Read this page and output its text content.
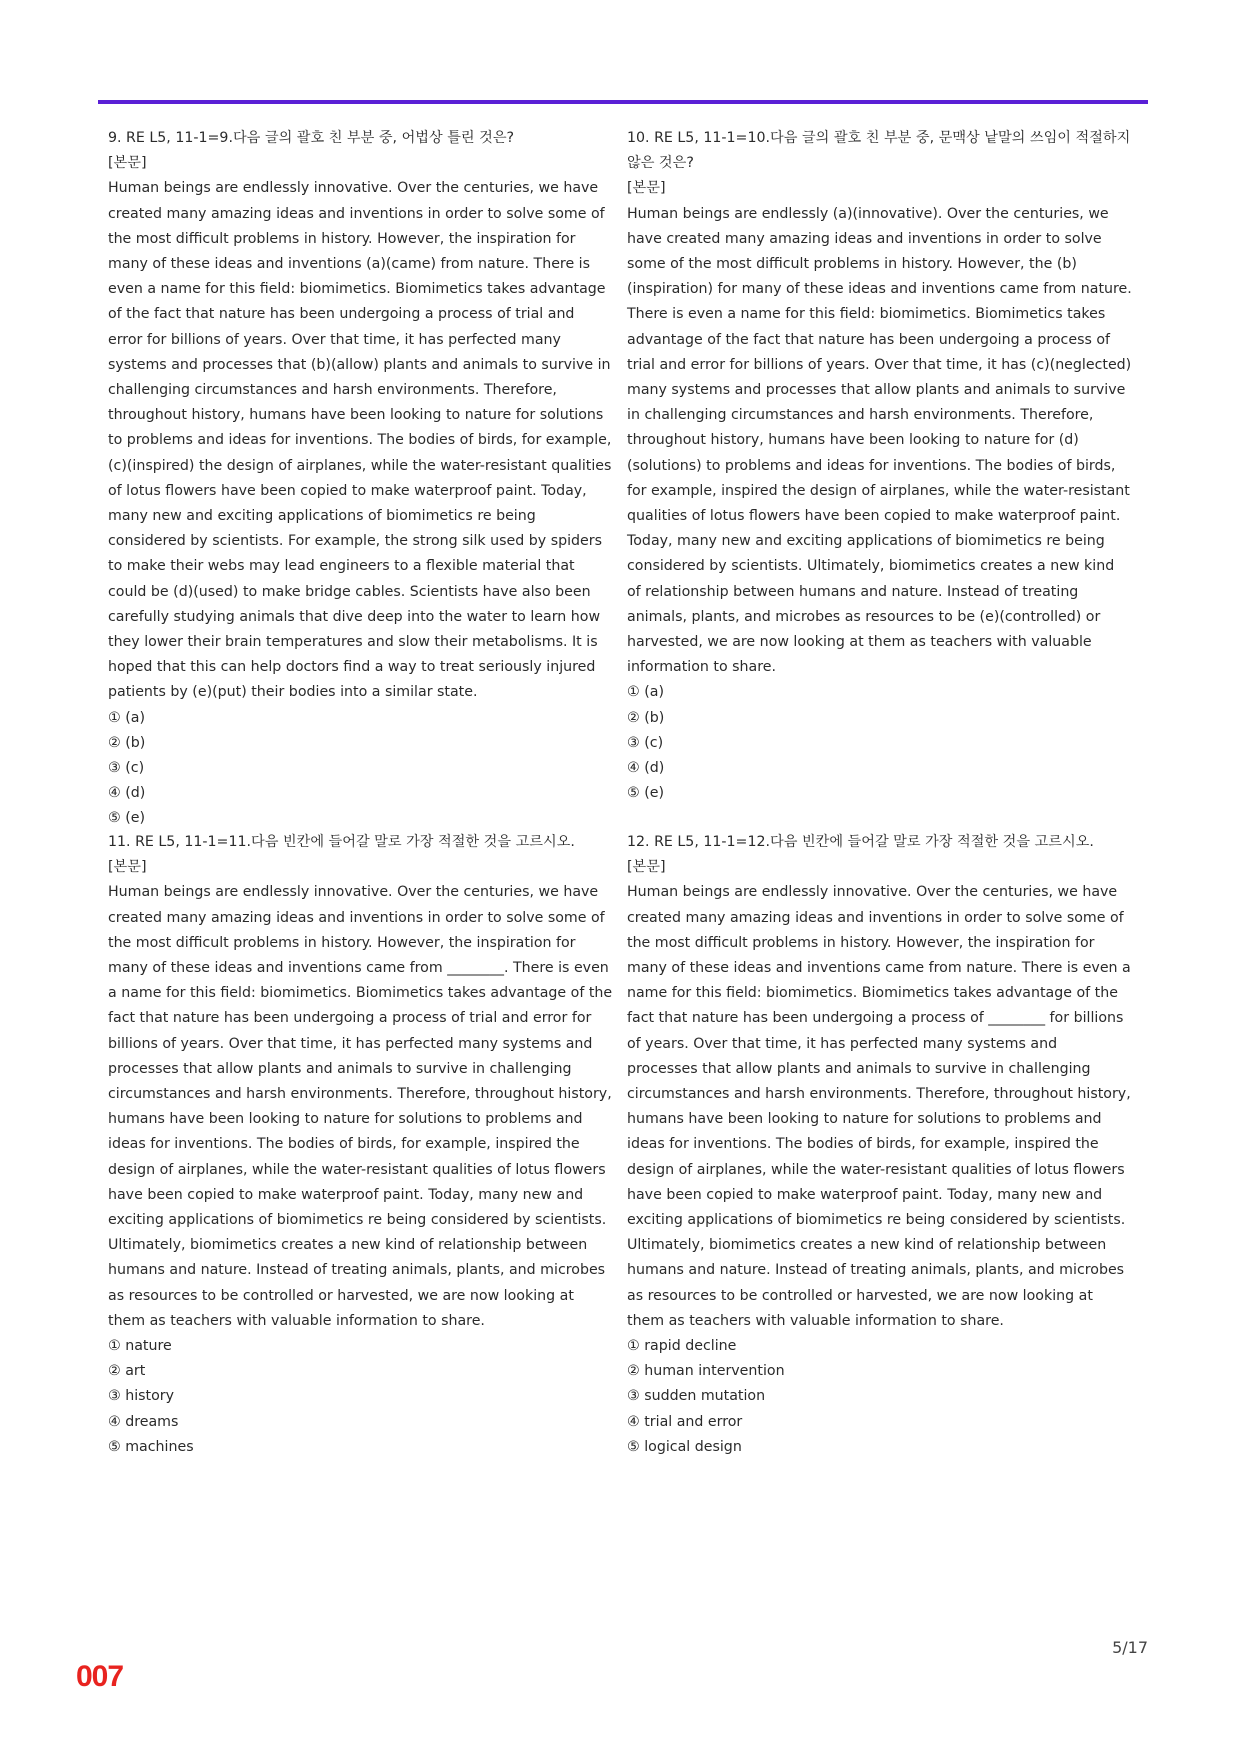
9. RE L5, 11-1=9.다음 글의 괄호 친 부분 중, 어법상 틀린 것은?

[본문]

Human beings are endlessly innovative. Over the centuries, we have created many amazing ideas and inventions in order to solve some of the most difficult problems in history. However, the inspiration for many of these ideas and inventions (a)(came) from nature. There is even a name for this field: biomimetics. Biomimetics takes advantage of the fact that nature has been undergoing a process of trial and error for billions of years. Over that time, it has perfected many systems and processes that (b)(allow) plants and animals to survive in challenging circumstances and harsh environments. Therefore, throughout history, humans have been looking to nature for solutions to problems and ideas for inventions. The bodies of birds, for example, (c)(inspired) the design of airplanes, while the water-resistant qualities of lotus flowers have been copied to make waterproof paint. Today, many new and exciting applications of biomimetics re being considered by scientists. For example, the strong silk used by spiders to make their webs may lead engineers to a flexible material that could be (d)(used) to make bridge cables. Scientists have also been carefully studying animals that dive deep into the water to learn how they lower their brain temperatures and slow their metabolisms. It is hoped that this can help doctors find a way to treat seriously injured patients by (e)(put) their bodies into a similar state.

① (a)
② (b)
③ (c)
④ (d)
⑤ (e)

10. RE L5, 11-1=10.다음 글의 괄호 친 부분 중, 문맥상 낱말의 쓰임이 적절하지 않은 것은?

[본문]

Human beings are endlessly (a)(innovative). Over the centuries, we have created many amazing ideas and inventions in order to solve some of the most difficult problems in history. However, the (b)(inspiration) for many of these ideas and inventions came from nature. There is even a name for this field: biomimetics. Biomimetics takes advantage of the fact that nature has been undergoing a process of trial and error for billions of years. Over that time, it has (c)(neglected) many systems and processes that allow plants and animals to survive in challenging circumstances and harsh environments. Therefore, throughout history, humans have been looking to nature for (d)(solutions) to problems and ideas for inventions. The bodies of birds, for example, inspired the design of airplanes, while the water-resistant qualities of lotus flowers have been copied to make waterproof paint. Today, many new and exciting applications of biomimetics re being considered by scientists. Ultimately, biomimetics creates a new kind of relationship between humans and nature. Instead of treating animals, plants, and microbes as resources to be (e)(controlled) or harvested, we are now looking at them as teachers with valuable information to share.

① (a)
② (b)
③ (c)
④ (d)
⑤ (e)

11. RE L5, 11-1=11.다음 빈칸에 들어갈 말로 가장 적절한 것을 고르시오.

[본문]

Human beings are endlessly innovative. Over the centuries, we have created many amazing ideas and inventions in order to solve some of the most difficult problems in history. However, the inspiration for many of these ideas and inventions came from ________. There is even a name for this field: biomimetics. Biomimetics takes advantage of the fact that nature has been undergoing a process of trial and error for billions of years. Over that time, it has perfected many systems and processes that allow plants and animals to survive in challenging circumstances and harsh environments. Therefore, throughout history, humans have been looking to nature for solutions to problems and ideas for inventions. The bodies of birds, for example, inspired the design of airplanes, while the water-resistant qualities of lotus flowers have been copied to make waterproof paint. Today, many new and exciting applications of biomimetics re being considered by scientists. Ultimately, biomimetics creates a new kind of relationship between humans and nature. Instead of treating animals, plants, and microbes as resources to be controlled or harvested, we are now looking at them as teachers with valuable information to share.

① nature
② art
③ history
④ dreams
⑤ machines

12. RE L5, 11-1=12.다음 빈칸에 들어갈 말로 가장 적절한 것을 고르시오.

[본문]

Human beings are endlessly innovative. Over the centuries, we have created many amazing ideas and inventions in order to solve some of the most difficult problems in history. However, the inspiration for many of these ideas and inventions came from nature. There is even a name for this field: biomimetics. Biomimetics takes advantage of the fact that nature has been undergoing a process of ________ for billions of years. Over that time, it has perfected many systems and processes that allow plants and animals to survive in challenging circumstances and harsh environments. Therefore, throughout history, humans have been looking to nature for solutions to problems and ideas for inventions. The bodies of birds, for example, inspired the design of airplanes, while the water-resistant qualities of lotus flowers have been copied to make waterproof paint. Today, many new and exciting applications of biomimetics re being considered by scientists. Ultimately, biomimetics creates a new kind of relationship between humans and nature. Instead of treating animals, plants, and microbes as resources to be controlled or harvested, we are now looking at them as teachers with valuable information to share.

① rapid decline
② human intervention
③ sudden mutation
④ trial and error
⑤ logical design
5/17
007
